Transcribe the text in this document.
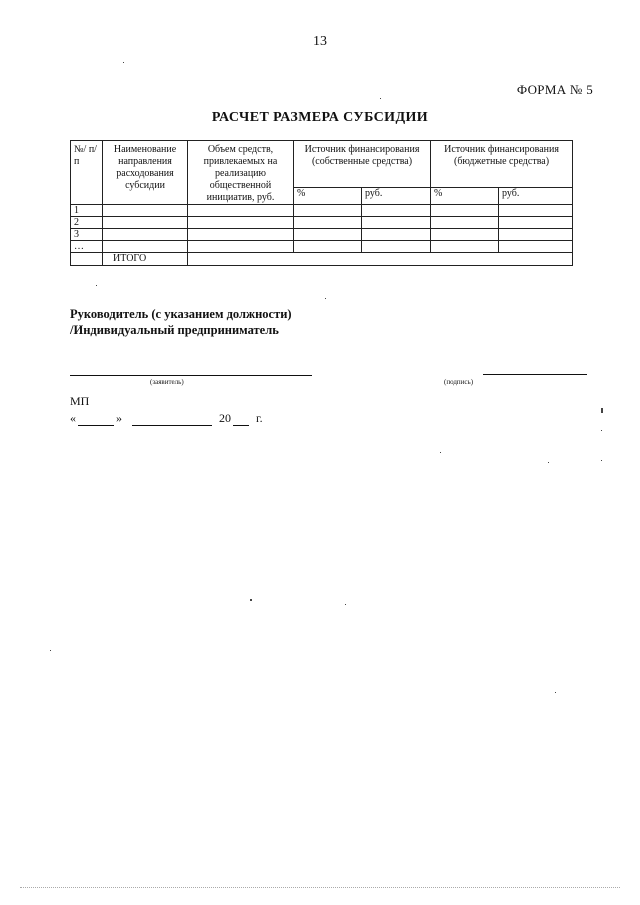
13
ФОРМА № 5
РАСЧЕТ РАЗМЕРА СУБСИДИИ
№/ п/п	Наименование направления расходования субсидии	Объем средств, привлекаемых на реализацию общественной инициатив, руб.	Источник финансирования (собственные средства)		Источник финансирования (бюджетные средства)	
			%	руб.	%	руб.
1						
2						
3						
…						
	ИТОГО					
Руководитель (с указанием должности)
/Индивидуальный предприниматель
(заявитель)	(подпись)
МП
«	»	20 г.
